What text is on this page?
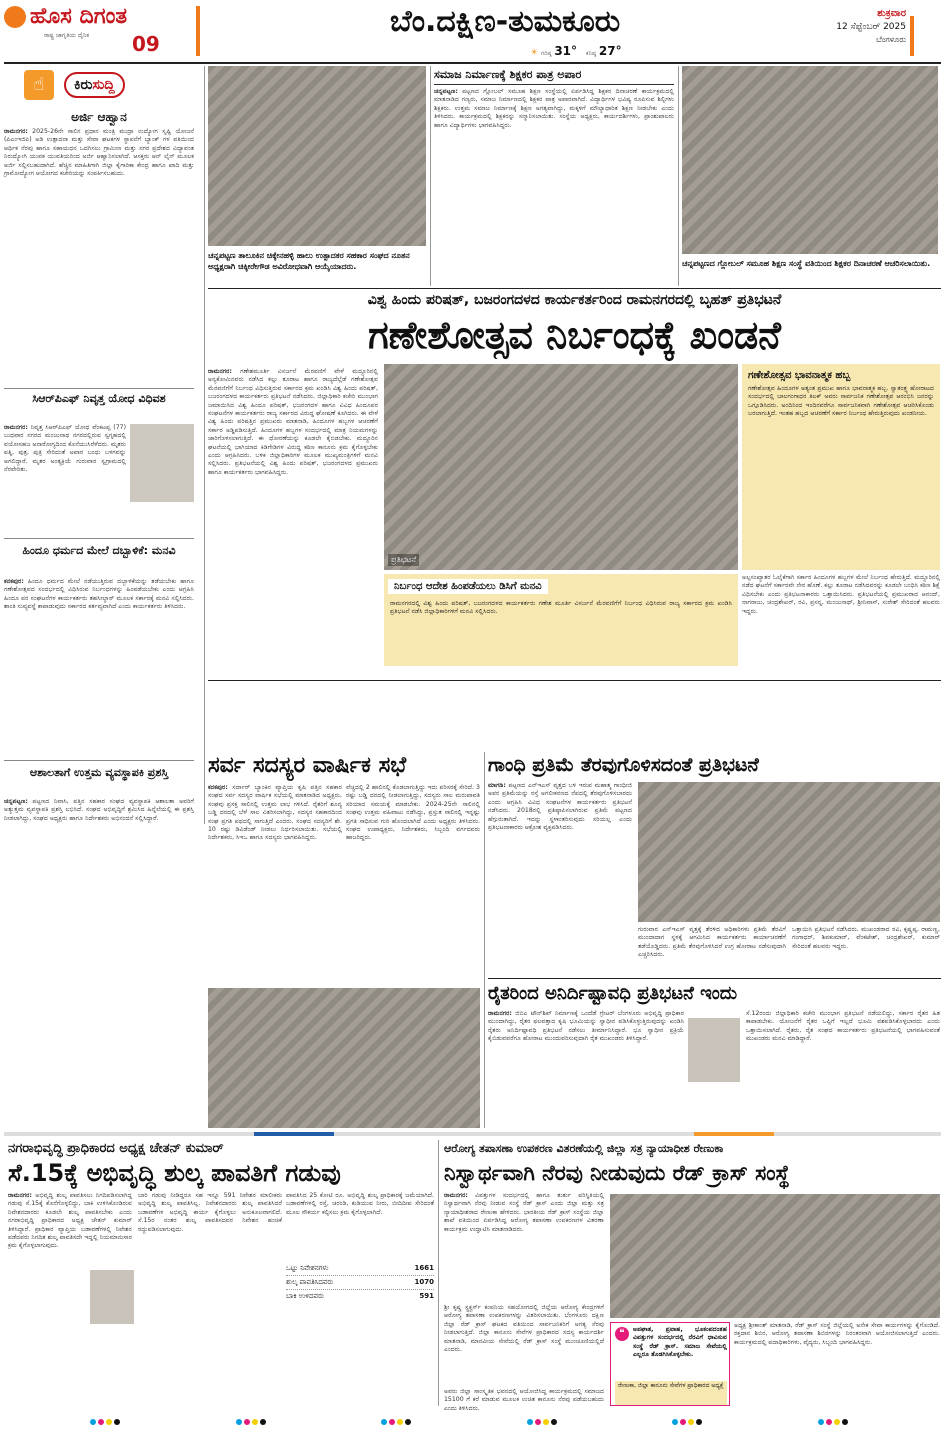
ಹೊಸ ದಿಗಂತ
ರಾಷ್ಟ್ರ ಜಾಗೃತಿಯ ದೈನಿಕ 09
ಬೆಂ.ದಕ್ಷಿಣ-ತುಮಕೂರು
☀ ಗರಿಷ್ಠ 31° ಕನಿಷ್ಠ 27°
ಶುಕ್ರವಾರ
12 ಸೆಪ್ಟೆಂಬರ್ 2025
ಬೆಂಗಳೂರು
☝	ಕಿರುಸುದ್ದಿ
ಅರ್ಜಿ ಆಹ್ವಾನ
ರಾಮನಗರ: 2025-26ನೇ ಸಾಲಿನ ಪ್ರಧಾನ ಮಂತ್ರಿ ಮುದ್ರಾ ಉದ್ಯೋಗ ಸೃಷ್ಟಿ ಯೋಜನೆ (ಪಿಎಂಇಜಿಪಿ) ಅಡಿ ಉತ್ಪಾದನಾ ಮತ್ತು ಸೇವಾ ಘಟಕಗಳ ಸ್ಥಾಪನೆಗೆ ಬ್ಯಾಂಕ್ ಗಳ ವತಿಯಿಂದ ಆರ್ಥಿಕ ನೆರವು ಹಾಗೂ ಸಹಾಯಧನ ಒದಗಿಸಲು ಗ್ರಾಮೀಣ ಮತ್ತು ನಗರ ಪ್ರದೇಶದ ವಿದ್ಯಾವಂತ ನಿರುದ್ಯೋಗಿ ಯುವಕ ಯುವತಿಯರಿಂದ ಅರ್ಜಿ ಆಹ್ವಾನಿಸಲಾಗಿದೆ. ಆಸಕ್ತರು ಆನ್ ಲೈನ್ ಮೂಲಕ ಅರ್ಜಿ ಸಲ್ಲಿಸಬಹುದಾಗಿದೆ. ಹೆಚ್ಚಿನ ಮಾಹಿತಿಗಾಗಿ ಜಿಲ್ಲಾ ಕೈಗಾರಿಕಾ ಕೇಂದ್ರ ಹಾಗೂ ಖಾದಿ ಮತ್ತು ಗ್ರಾಮೋದ್ಯೋಗ ಆಯೋಗದ ಕಚೇರಿಯನ್ನು ಸಂಪರ್ಕಿಸಬಹುದು.
ಸಿಆರ್‌ಪಿಎಫ್ ನಿವೃತ್ತ ಯೋಧ ವಿಧಿವಶ
ರಾಮನಗರ: ನಿವೃತ್ತ ಸಿಆರ್‌ಪಿಎಫ್ ಯೋಧ ವೆಂಕಟಪ್ಪ (77) ಬುಧವಾರ ನಗರದ ಮಂಜುನಾಥ ನಗರದಲ್ಲಿರುವ ಸ್ವಗೃಹದಲ್ಲಿ ವಯೋಸಹಜ ಅನಾರೋಗ್ಯದಿಂದ ಕೊನೆಯುಸಿರೆಳೆದರು. ಮೃತರು ಪತ್ನಿ, ಪುತ್ರ, ಪುತ್ರಿ ಸೇರಿದಂತೆ ಅಪಾರ ಬಂಧು ಬಳಗವನ್ನು ಅಗಲಿದ್ದಾರೆ. ಮೃತರ ಅಂತ್ಯಕ್ರಿಯೆ ಗುರುವಾರ ಸ್ವಗ್ರಾಮದಲ್ಲಿ ನೆರವೇರಿತು.
ಹಿಂದೂ ಧರ್ಮದ ಮೇಲೆ ದಬ್ಬಾಳಿಕೆ: ಮನವಿ
ಕನಕಪುರ: ಹಿಂದೂ ಧರ್ಮದ ಮೇಲೆ ನಡೆಯುತ್ತಿರುವ ದಬ್ಬಾಳಿಕೆಯನ್ನು ತಡೆಯಬೇಕು ಹಾಗೂ ಗಣೇಶೋತ್ಸವದ ಸಂದರ್ಭದಲ್ಲಿ ವಿಧಿಸಿರುವ ನಿರ್ಬಂಧಗಳನ್ನು ಹಿಂಪಡೆಯಬೇಕು ಎಂದು ಆಗ್ರಹಿಸಿ ಹಿಂದೂ ಪರ ಸಂಘಟನೆಗಳ ಕಾರ್ಯಕರ್ತರು ತಹಸೀಲ್ದಾರ್ ಮೂಲಕ ಸರ್ಕಾರಕ್ಕೆ ಮನವಿ ಸಲ್ಲಿಸಿದರು. ಶಾಂತಿ ಸುವ್ಯವಸ್ಥೆ ಕಾಪಾಡುವುದು ಸರ್ಕಾರದ ಕರ್ತವ್ಯವಾಗಿದೆ ಎಂದು ಕಾರ್ಯಕರ್ತರು ತಿಳಿಸಿದರು.
ಆಶಾಲತಾಗೆ ಉತ್ತಮ ವ್ಯವಸ್ಥಾಪಕಿ ಪ್ರಶಸ್ತಿ
ಚನ್ನಪಟ್ಟಣ: ಪಟ್ಟಣದ ನಿವಾಸಿ, ಪತ್ತಿನ ಸಹಕಾರ ಸಂಘದ ವ್ಯವಸ್ಥಾಪಕಿ ಆಶಾಲತಾ ಅವರಿಗೆ ಅತ್ಯುತ್ತಮ ವ್ಯವಸ್ಥಾಪಕಿ ಪ್ರಶಸ್ತಿ ಲಭಿಸಿದೆ. ಸಂಘದ ಅಭಿವೃದ್ಧಿಗೆ ಶ್ರಮಿಸಿದ ಹಿನ್ನೆಲೆಯಲ್ಲಿ ಈ ಪ್ರಶಸ್ತಿ ನೀಡಲಾಗಿದ್ದು, ಸಂಘದ ಅಧ್ಯಕ್ಷರು ಹಾಗೂ ನಿರ್ದೇಶಕರು ಅಭಿನಂದನೆ ಸಲ್ಲಿಸಿದ್ದಾರೆ.
ಚನ್ನಪಟ್ಟಣ ತಾಲೂಕಿನ ಚಿಕ್ಕೇನಹಳ್ಳಿ ಹಾಲು ಉತ್ಪಾದಕರ ಸಹಕಾರ ಸಂಘದ ನೂತನ ಅಧ್ಯಕ್ಷರಾಗಿ ಚಿಕ್ಕೀರೇಗೌಡ ಅವಿರೋಧವಾಗಿ ಆಯ್ಕೆಯಾದರು.
ಸಮಾಜ ನಿರ್ಮಾಣಕ್ಕೆ ಶಿಕ್ಷಕರ ಪಾತ್ರ ಅಪಾರ
ಚನ್ನಪಟ್ಟಣ: ಪಟ್ಟಣದ ಗ್ಲೋಬಲ್ ಸಮೂಹ ಶಿಕ್ಷಣ ಸಂಸ್ಥೆಯಲ್ಲಿ ಏರ್ಪಡಿಸಿದ್ದ ಶಿಕ್ಷಕರ ದಿನಾಚರಣೆ ಕಾರ್ಯಕ್ರಮದಲ್ಲಿ ಮಾತನಾಡಿದ ಗಣ್ಯರು, ಸಮಾಜ ನಿರ್ಮಾಣದಲ್ಲಿ ಶಿಕ್ಷಕರ ಪಾತ್ರ ಅಪಾರವಾಗಿದೆ. ವಿದ್ಯಾರ್ಥಿಗಳ ಭವಿಷ್ಯ ರೂಪಿಸುವ ಶಿಲ್ಪಿಗಳು ಶಿಕ್ಷಕರು. ಉತ್ತಮ ಸಮಾಜ ನಿರ್ಮಾಣಕ್ಕೆ ಶಿಕ್ಷಣ ಅಗತ್ಯವಾಗಿದ್ದು, ಮಕ್ಕಳಿಗೆ ಮೌಲ್ಯಾಧಾರಿತ ಶಿಕ್ಷಣ ನೀಡಬೇಕು ಎಂದು ತಿಳಿಸಿದರು. ಕಾರ್ಯಕ್ರಮದಲ್ಲಿ ಶಿಕ್ಷಕರನ್ನು ಸನ್ಮಾನಿಸಲಾಯಿತು. ಸಂಸ್ಥೆಯ ಅಧ್ಯಕ್ಷರು, ಕಾರ್ಯದರ್ಶಿಗಳು, ಪ್ರಾಂಶುಪಾಲರು ಹಾಗೂ ವಿದ್ಯಾರ್ಥಿಗಳು ಭಾಗವಹಿಸಿದ್ದರು.
ಚನ್ನಪಟ್ಟಣದ ಗ್ಲೋಬಲ್ ಸಮೂಹ ಶಿಕ್ಷಣ ಸಂಸ್ಥೆ ವತಿಯಿಂದ ಶಿಕ್ಷಕರ ದಿನಾಚರಣೆ ಆಚರಿಸಲಾಯಿತು.
ವಿಶ್ವ ಹಿಂದು ಪರಿಷತ್, ಬಜರಂಗದಳದ ಕಾರ್ಯಕರ್ತರಿಂದ ರಾಮನಗರದಲ್ಲಿ ಬೃಹತ್ ಪ್ರತಿಭಟನೆ
ಗಣೇಶೋತ್ಸವ ನಿರ್ಬಂಧಕ್ಕೆ ಖಂಡನೆ
ರಾಮನಗರ: ಗಣೇಶಮೂರ್ತಿ ವಿಸರ್ಜನೆ ಮೆರವಣಿಗೆ ವೇಳೆ ಮದ್ದೂರಿನಲ್ಲಿ ಅನ್ಯಕೋಮಿನವರು ನಡೆಸಿದ ಕಲ್ಲು ತೂರಾಟ ಹಾಗೂ ರಾಜ್ಯದೆಲ್ಲೆಡೆ ಗಣೇಶೋತ್ಸವ ಮೆರವಣಿಗೆಗೆ ನಿರ್ಬಂಧ ವಿಧಿಸುತ್ತಿರುವ ಸರ್ಕಾರದ ಕ್ರಮ ಖಂಡಿಸಿ ವಿಶ್ವ ಹಿಂದು ಪರಿಷತ್, ಬಜರಂಗದಳದ ಕಾರ್ಯಕರ್ತರು ಪ್ರತಿಭಟನೆ ನಡೆಸಿದರು. ಜಿಲ್ಲಾಧಿಕಾರಿ ಕಚೇರಿ ಮುಂಭಾಗ ಜಮಾಯಿಸಿದ ವಿಶ್ವ ಹಿಂದೂ ಪರಿಷತ್, ಭಜರಂಗದಳ ಹಾಗೂ ವಿವಿಧ ಹಿಂದೂಪರ ಸಂಘಟನೆಗಳ ಕಾರ್ಯಕರ್ತರು ರಾಜ್ಯ ಸರ್ಕಾರದ ವಿರುದ್ಧ ಘೋಷಣೆ ಕೂಗಿದರು. ಈ ವೇಳೆ ವಿಶ್ವ ಹಿಂದು ಪರಿಷತ್ತಿನ ಪ್ರಮುಖರು ಮಾತನಾಡಿ, ಹಿಂದೂಗಳ ಹಬ್ಬಗಳ ಆಚರಣೆಗೆ ಸರ್ಕಾರ ಅಡ್ಡಿಪಡಿಸುತ್ತಿದೆ. ಹಿಂದೂಗಳ ಹಬ್ಬಗಳ ಸಂದರ್ಭದಲ್ಲಿ ಮಾತ್ರ ನಿಯಮಗಳನ್ನು ಜಾರಿಗೊಳಿಸಲಾಗುತ್ತಿದೆ. ಈ ಧೋರಣೆಯನ್ನು ಕೂಡಲೇ ಕೈಬಿಡಬೇಕು. ಮದ್ದೂರಿನ ಘಟನೆಯಲ್ಲಿ ಭಾಗಿಯಾದ ಕಿಡಿಗೇಡಿಗಳ ವಿರುದ್ಧ ಕಠಿಣ ಕಾನೂನು ಕ್ರಮ ಕೈಗೊಳ್ಳಬೇಕು ಎಂದು ಆಗ್ರಹಿಸಿದರು. ಬಳಿಕ ಜಿಲ್ಲಾಧಿಕಾರಿಗಳ ಮೂಲಕ ಮುಖ್ಯಮಂತ್ರಿಗಳಿಗೆ ಮನವಿ ಸಲ್ಲಿಸಿದರು. ಪ್ರತಿಭಟನೆಯಲ್ಲಿ ವಿಶ್ವ ಹಿಂದು ಪರಿಷತ್, ಭಜರಂಗದಳದ ಪ್ರಮುಖರು ಹಾಗೂ ಕಾರ್ಯಕರ್ತರು ಭಾಗವಹಿಸಿದ್ದರು.
ಪ್ರತಿಭಟನೆ
ಗಣೇಶೋತ್ಸವ ಭಾವನಾತ್ಮಕ ಹಬ್ಬ
ಗಣೇಶೋತ್ಸವ ಹಿಂದೂಗಳ ಅತ್ಯಂತ ಪ್ರಮುಖ ಹಾಗೂ ಭಾವನಾತ್ಮಕ ಹಬ್ಬ. ಸ್ವಾತಂತ್ರ್ಯ ಹೋರಾಟದ ಸಂದರ್ಭದಲ್ಲಿ ಬಾಲಗಂಗಾಧರ ತಿಲಕ್ ಅವರು ಸಾರ್ವಜನಿಕ ಗಣೇಶೋತ್ಸವ ಆರಂಭಿಸಿ ಜನರನ್ನು ಒಗ್ಗೂಡಿಸಿದರು. ಅಂದಿನಿಂದ ಇಂದಿನವರೆಗೂ ಸಾರ್ವಜನಿಕವಾಗಿ ಗಣೇಶೋತ್ಸವ ಆಚರಿಸಿಕೊಂಡು ಬರಲಾಗುತ್ತಿದೆ. ಇಂತಹ ಹಬ್ಬದ ಆಚರಣೆಗೆ ಸರ್ಕಾರ ನಿರ್ಬಂಧ ಹೇರುತ್ತಿರುವುದು ಖಂಡನೀಯ.
ನಿರ್ಬಂಧ ಆದೇಶ ಹಿಂಪಡೆಯಲು ಡಿಸಿಗೆ ಮನವಿ
ರಾಮನಗರದಲ್ಲಿ ವಿಶ್ವ ಹಿಂದು ಪರಿಷತ್, ಬಜರಂಗದಳದ ಕಾರ್ಯಕರ್ತರು ಗಣೇಶ ಮೂರ್ತಿ ವಿಸರ್ಜನೆ ಮೆರವಣಿಗೆಗೆ ನಿರ್ಬಂಧ ವಿಧಿಸಿರುವ ರಾಜ್ಯ ಸರ್ಕಾರದ ಕ್ರಮ ಖಂಡಿಸಿ ಪ್ರತಿಭಟನೆ ನಡೆಸಿ ಜಿಲ್ಲಾಧಿಕಾರಿಗಳಿಗೆ ಮನವಿ ಸಲ್ಲಿಸಿದರು.
ಅಲ್ಪಸಂಖ್ಯಾತರ ಓಲೈಕೆಗಾಗಿ ಸರ್ಕಾರ ಹಿಂದೂಗಳ ಹಬ್ಬಗಳ ಮೇಲೆ ನಿರ್ಬಂಧ ಹೇರುತ್ತಿದೆ. ಮದ್ದೂರಿನಲ್ಲಿ ನಡೆದ ಘಟನೆಗೆ ಸರ್ಕಾರವೇ ನೇರ ಹೊಣೆ. ಕಲ್ಲು ತೂರಾಟ ನಡೆಸಿದವರನ್ನು ಕೂಡಲೇ ಬಂಧಿಸಿ ಕಠಿಣ ಶಿಕ್ಷೆ ವಿಧಿಸಬೇಕು ಎಂದು ಪ್ರತಿಭಟನಾಕಾರರು ಒತ್ತಾಯಿಸಿದರು. ಪ್ರತಿಭಟನೆಯಲ್ಲಿ ಪ್ರಮುಖರಾದ ಆನಂದ್, ನಾಗರಾಜು, ಚಂದ್ರಶೇಖರ್, ರವಿ, ಪ್ರಸನ್ನ, ಮಂಜುನಾಥ್, ಶ್ರೀನಿವಾಸ್, ಸುರೇಶ್ ಸೇರಿದಂತೆ ಹಲವರು ಇದ್ದರು.
ಸರ್ವ ಸದಸ್ಯರ ವಾರ್ಷಿಕ ಸಭೆ
ಕನಕಪುರ: ಸರ್ದಾರ್ ಬ್ಯಾಂಕಿನ ವ್ಯಾಪ್ತಿಯ ಕೃಷಿ ಪತ್ತಿನ ಸಹಕಾರ ಸಂಘದ ಸರ್ವ ಸದಸ್ಯರ ವಾರ್ಷಿಕ ಸಭೆಯಲ್ಲಿ ಮಾತನಾಡಿದ ಅಧ್ಯಕ್ಷರು, ಸಂಘವು ಪ್ರಸಕ್ತ ಸಾಲಿನಲ್ಲಿ ಉತ್ತಮ ಲಾಭ ಗಳಿಸಿದೆ. ರೈತರಿಗೆ ಶೂನ್ಯ ಬಡ್ಡಿ ದರದಲ್ಲಿ ಬೆಳೆ ಸಾಲ ವಿತರಿಸಲಾಗಿದ್ದು, ಸದಸ್ಯರ ಸಹಕಾರದಿಂದ ಸಂಘ ಪ್ರಗತಿ ಪಥದಲ್ಲಿ ಸಾಗುತ್ತಿದೆ ಎಂದರು. ಸಂಘದ ಸದಸ್ಯರಿಗೆ ಶೇ. 10 ರಷ್ಟು ಡಿವಿಡೆಂಡ್ ನೀಡಲು ನಿರ್ಧರಿಸಲಾಯಿತು. ಸಭೆಯಲ್ಲಿ ನಿರ್ದೇಶಕರು, ಸಿಇಒ ಹಾಗೂ ಸದಸ್ಯರು ಭಾಗವಹಿಸಿದ್ದರು.
ವೆಚ್ಚದಲ್ಲಿ 2 ಹಾಲಿನಲ್ಲಿ ಕೊಡಲಾಗುತ್ತಿದ್ದು ಇದು ಪರಿಸರಕ್ಕೆ ಸೇರಿದೆ. 3 ರಷ್ಟು ಬಡ್ಡಿ ದರದಲ್ಲಿ ನೀಡಲಾಗುತ್ತಿದ್ದು, ಸದಸ್ಯರು ಸಾಲ ಮರುಪಾವತಿ ಸರಿಯಾದ ಸಮಯಕ್ಕೆ ಮಾಡಬೇಕು. 2024-25ನೇ ಸಾಲಿನಲ್ಲಿ ಸಂಘವು ಉತ್ತಮ ವಹಿವಾಟು ನಡೆಸಿದ್ದು, ಪ್ರಸ್ತುತ ಸಾಲಿನಲ್ಲಿ ಇನ್ನಷ್ಟು ಪ್ರಗತಿ ಸಾಧಿಸುವ ಗುರಿ ಹೊಂದಲಾಗಿದೆ ಎಂದು ಅಧ್ಯಕ್ಷರು ತಿಳಿಸಿದರು. ಸಂಘದ ಉಪಾಧ್ಯಕ್ಷರು, ನಿರ್ದೇಶಕರು, ಸಿಬ್ಬಂದಿ ವರ್ಗದವರು ಹಾಜರಿದ್ದರು.
ಗಾಂಧಿ ಪ್ರತಿಮೆ ತೆರವುಗೊಳಿಸದಂತೆ ಪ್ರತಿಭಟನೆ
ಮಾಗಡಿ: ಪಟ್ಟಣದ ಎನ್‌ಇಎಸ್ ವೃತ್ತದ ಬಳಿ ಇರುವ ಮಹಾತ್ಮ ಗಾಂಧೀಜಿ ಅವರ ಪ್ರತಿಮೆಯನ್ನು ರಸ್ತೆ ಅಗಲೀಕರಣದ ನೆಪದಲ್ಲಿ ತೆರವುಗೊಳಿಸಬಾರದು ಎಂದು ಆಗ್ರಹಿಸಿ ವಿವಿಧ ಸಂಘಟನೆಗಳ ಕಾರ್ಯಕರ್ತರು ಪ್ರತಿಭಟನೆ ನಡೆಸಿದರು. 2018ರಲ್ಲಿ ಪ್ರತಿಷ್ಠಾಪಿಸಲಾಗಿರುವ ಪ್ರತಿಮೆ ಪಟ್ಟಣದ ಹೆಗ್ಗುರುತಾಗಿದೆ. ಇದನ್ನು ಸ್ಥಳಾಂತರಿಸುವುದು ಸರಿಯಲ್ಲ ಎಂದು ಪ್ರತಿಭಟನಾಕಾರರು ಆಕ್ರೋಶ ವ್ಯಕ್ತಪಡಿಸಿದರು.
ಗುರುವಾರ ಎನ್‌ಇಎಸ್ ವೃತ್ತಕ್ಕೆ ತೆರಳಿದ ಅಧಿಕಾರಿಗಳು ಪ್ರತಿಮೆ ತೆರವಿಗೆ ಮುಂದಾದಾಗ ಸ್ಥಳಕ್ಕೆ ಆಗಮಿಸಿದ ಕಾರ್ಯಕರ್ತರು ಕಾರ್ಯಾಚರಣೆಗೆ ತಡೆಯೊಡ್ಡಿದರು. ಪ್ರತಿಮೆ ತೆರವುಗೊಳಿಸಿದರೆ ಉಗ್ರ ಹೋರಾಟ ನಡೆಸುವುದಾಗಿ ಎಚ್ಚರಿಸಿದರು.
ಒತ್ತಾಯಿಸಿ ಪ್ರತಿಭಟನೆ ನಡೆಸಿದರು. ಮುಖಂಡರಾದ ರವಿ, ಕೃಷ್ಣಪ್ಪ, ರಾಮಣ್ಣ, ಗಂಗಾಧರ್, ಶಿವಕುಮಾರ್, ವೆಂಕಟೇಶ್, ಚಂದ್ರಶೇಖರ್, ಕುಮಾರ್ ಸೇರಿದಂತೆ ಹಲವರು ಇದ್ದರು.
ರೈತರಿಂದ ಅನಿರ್ದಿಷ್ಟಾವಧಿ ಪ್ರತಿಭಟನೆ ಇಂದು
ರಾಮನಗರ: ಜಿಬಿಎ ಟೌನ್‌ಶಿಪ್ ನಿರ್ಮಾಣಕ್ಕೆ ಒಂದೆಡೆ ಗ್ರೇಟರ್ ಬೆಂಗಳೂರು ಅಭಿವೃದ್ಧಿ ಪ್ರಾಧಿಕಾರ ಮುಂದಾಗಿದ್ದು, ರೈತರ ಫಲವತ್ತಾದ ಕೃಷಿ ಭೂಮಿಯನ್ನು ಸ್ವಾಧೀನ ಪಡಿಸಿಕೊಳ್ಳುತ್ತಿರುವುದನ್ನು ಖಂಡಿಸಿ ರೈತರು ಅನಿರ್ದಿಷ್ಟಾವಧಿ ಪ್ರತಿಭಟನೆ ನಡೆಸಲು ತೀರ್ಮಾನಿಸಿದ್ದಾರೆ. ಭೂ ಸ್ವಾಧೀನ ಪ್ರಕ್ರಿಯೆ ಕೈಬಿಡುವವರೆಗೂ ಹೋರಾಟ ಮುಂದುವರಿಸುವುದಾಗಿ ರೈತ ಮುಖಂಡರು ತಿಳಿಸಿದ್ದಾರೆ.
ಸೆ.12ರಂದು ಜಿಲ್ಲಾಧಿಕಾರಿ ಕಚೇರಿ ಮುಂಭಾಗ ಪ್ರತಿಭಟನೆ ನಡೆಯಲಿದ್ದು, ಸರ್ಕಾರ ರೈತರ ಹಿತ ಕಾಪಾಡಬೇಕು. ಯೋಜನೆಗೆ ರೈತರ ಒಪ್ಪಿಗೆ ಇಲ್ಲದೆ ಭೂಮಿ ವಶಪಡಿಸಿಕೊಳ್ಳಬಾರದು ಎಂದು ಒತ್ತಾಯಿಸಲಾಗಿದೆ. ರೈತರು, ರೈತ ಸಂಘದ ಕಾರ್ಯಕರ್ತರು ಪ್ರತಿಭಟನೆಯಲ್ಲಿ ಭಾಗವಹಿಸುವಂತೆ ಮುಖಂಡರು ಮನವಿ ಮಾಡಿದ್ದಾರೆ.
ನಗರಾಭಿವೃದ್ಧಿ ಪ್ರಾಧಿಕಾರದ ಅಧ್ಯಕ್ಷ ಚೇತನ್ ಕುಮಾರ್
ಸೆ.15ಕ್ಕೆ ಅಭಿವೃದ್ಧಿ ಶುಲ್ಕ ಪಾವತಿಗೆ ಗಡುವು
ರಾಮನಗರ: ಅಭಿವೃದ್ಧಿ ಶುಲ್ಕ ಪಾವತಿಸಲು ನಿಗದಿಪಡಿಸಲಾಗಿದ್ದ ಗಡುವು ಸೆ.15ಕ್ಕೆ ಕೊನೆಗೊಳ್ಳಲಿದ್ದು, ಬಾಕಿ ಉಳಿಸಿಕೊಂಡಿರುವ ನಿವೇಶನದಾರರು ಕೂಡಲೇ ಶುಲ್ಕ ಪಾವತಿಸಬೇಕು ಎಂದು ನಗರಾಭಿವೃದ್ಧಿ ಪ್ರಾಧಿಕಾರದ ಅಧ್ಯಕ್ಷ ಚೇತನ್ ಕುಮಾರ್ ತಿಳಿಸಿದ್ದಾರೆ. ಪ್ರಾಧಿಕಾರ ವ್ಯಾಪ್ತಿಯ ಬಡಾವಣೆಗಳಲ್ಲಿ ನಿವೇಶನ ಪಡೆದವರು ನಿಗದಿತ ಶುಲ್ಕ ಪಾವತಿಸದೇ ಇದ್ದಲ್ಲಿ ನಿಯಮಾನುಸಾರ ಕ್ರಮ ಕೈಗೊಳ್ಳಲಾಗುವುದು.
ಬಾರಿ ಗಡುವು ನೀಡಿದ್ದರೂ ಸಹ ಇನ್ನೂ 591 ನಿವೇಶನ ಮಾಲೀಕರು ಅಭಿವೃದ್ಧಿ ಶುಲ್ಕ ಪಾವತಿಸಿಲ್ಲ. ನಿವೇಶನದಾರರು ಶುಲ್ಕ ಪಾವತಿಸಿದರೆ ಬಡಾವಣೆಗಳ ಅಭಿವೃದ್ಧಿ ಕಾರ್ಯ ಕೈಗೊಳ್ಳಲು ಅನುಕೂಲವಾಗಲಿದೆ. ಸೆ.15ರ ನಂತರ ಶುಲ್ಕ ಪಾವತಿಸದವರ ನಿವೇಶನ ಹಂಚಿಕೆ ರದ್ದುಪಡಿಸಲಾಗುವುದು.
ಪಾವತಿಸಿದ 25 ಕೋಟಿ ರೂ. ಅಭಿವೃದ್ಧಿ ಶುಲ್ಕ ಪ್ರಾಧಿಕಾರಕ್ಕೆ ಜಮೆಯಾಗಿದೆ. ಬಡಾವಣೆಗಳಲ್ಲಿ ರಸ್ತೆ, ಚರಂಡಿ, ಕುಡಿಯುವ ನೀರು, ಬೀದಿದೀಪ ಸೇರಿದಂತೆ ಮೂಲ ಸೌಕರ್ಯ ಕಲ್ಪಿಸಲು ಕ್ರಮ ಕೈಗೊಳ್ಳಲಾಗಿದೆ.
ಒಟ್ಟು ನಿವೇಶನಗಳು	1661
ಶುಲ್ಕ ಪಾವತಿಸಿದವರು	1070
ಬಾಕಿ ಉಳಿದವರು	591
ಆರೋಗ್ಯ ತಪಾಸಣಾ ಉಪಕರಣ ವಿತರಣೆಯಲ್ಲಿ ಜಿಲ್ಲಾ ಸತ್ರ ನ್ಯಾಯಾಧೀಶ ರೇಣುಕಾ
ನಿಸ್ವಾರ್ಥವಾಗಿ ನೆರವು ನೀಡುವುದು ರೆಡ್ ಕ್ರಾಸ್ ಸಂಸ್ಥೆ
ರಾಮನಗರ: ವಿಪತ್ತುಗಳ ಸಂದರ್ಭದಲ್ಲಿ ಹಾಗೂ ತುರ್ತು ಪರಿಸ್ಥಿತಿಯಲ್ಲಿ ನಿಸ್ವಾರ್ಥವಾಗಿ ನೆರವು ನೀಡುವ ಸಂಸ್ಥೆ ರೆಡ್ ಕ್ರಾಸ್ ಎಂದು ಜಿಲ್ಲಾ ಮತ್ತು ಸತ್ರ ನ್ಯಾಯಾಧೀಶರಾದ ರೇಣುಕಾ ಹೇಳಿದರು. ಭಾರತೀಯ ರೆಡ್ ಕ್ರಾಸ್ ಸಂಸ್ಥೆಯ ಜಿಲ್ಲಾ ಶಾಖೆ ವತಿಯಿಂದ ಏರ್ಪಡಿಸಿದ್ದ ಆರೋಗ್ಯ ತಪಾಸಣಾ ಉಪಕರಣಗಳ ವಿತರಣಾ ಕಾರ್ಯಕ್ರಮ ಉದ್ಘಾಟಿಸಿ ಮಾತನಾಡಿದರು.
ಶ್ರೀ ಕೃಷ್ಣ ಸ್ಟ್ರಕ್ಚರ್ಸ್ ಕಂಪನಿಯ ಸಹಯೋಗದಲ್ಲಿ ಜಿಲ್ಲೆಯ ಆರೋಗ್ಯ ಕೇಂದ್ರಗಳಿಗೆ ಆರೋಗ್ಯ ತಪಾಸಣಾ ಉಪಕರಣಗಳನ್ನು ವಿತರಿಸಲಾಯಿತು. ಬೆಂಗಳೂರು ದಕ್ಷಿಣ ಜಿಲ್ಲಾ ರೆಡ್ ಕ್ರಾಸ್ ಘಟಕದ ವತಿಯಿಂದ ಸಾರ್ವಜನಿಕರಿಗೆ ಅಗತ್ಯ ನೆರವು ನೀಡಲಾಗುತ್ತಿದೆ. ಜಿಲ್ಲಾ ಕಾನೂನು ಸೇವೆಗಳ ಪ್ರಾಧಿಕಾರದ ಸದಸ್ಯ ಕಾರ್ಯದರ್ಶಿ ಮಾತನಾಡಿ, ಮಾನವೀಯ ಸೇವೆಯಲ್ಲಿ ರೆಡ್ ಕ್ರಾಸ್ ಸಂಸ್ಥೆ ಮುಂಚೂಣಿಯಲ್ಲಿದೆ ಎಂದರು.
ಅವರು ಜಿಲ್ಲಾ ಸಾಂಸ್ಕೃತಿಕ ಭವನದಲ್ಲಿ ಆಯೋಜಿಸಿದ್ದ ಕಾರ್ಯಕ್ರಮದಲ್ಲಿ ಸಮಾಜದ 15100 ಗೆ ಕರೆ ಮಾಡುವ ಮೂಲಕ ಉಚಿತ ಕಾನೂನು ನೆರವು ಪಡೆಯಬಹುದು ಎಂದು ತಿಳಿಸಿದರು.
❝	ಅಪಘಾತ, ಪ್ರವಾಹ, ಭೂಕಂಪದಂತಹ ವಿಪತ್ತುಗಳ ಸಂದರ್ಭದಲ್ಲಿ ನೆರವಿಗೆ ಧಾವಿಸುವ ಸಂಸ್ಥೆ ರೆಡ್ ಕ್ರಾಸ್. ಸಮಾಜ ಸೇವೆಯಲ್ಲಿ ಎಲ್ಲರೂ ತೊಡಗಿಸಿಕೊಳ್ಳಬೇಕು.
ರೇಣುಕಾ, ಜಿಲ್ಲಾ ಕಾನೂನು ಸೇವೆಗಳ ಪ್ರಾಧಿಕಾರದ ಅಧ್ಯಕ್ಷೆ
ಅಧ್ಯಕ್ಷ ಶ್ರೀಕಾಂತ್ ಮಾತನಾಡಿ, ರೆಡ್ ಕ್ರಾಸ್ ಸಂಸ್ಥೆ ಜಿಲ್ಲೆಯಲ್ಲಿ ಅನೇಕ ಸೇವಾ ಕಾರ್ಯಗಳನ್ನು ಕೈಗೊಂಡಿದೆ. ರಕ್ತದಾನ ಶಿಬಿರ, ಆರೋಗ್ಯ ತಪಾಸಣಾ ಶಿಬಿರಗಳನ್ನು ನಿರಂತರವಾಗಿ ಆಯೋಜಿಸಲಾಗುತ್ತಿದೆ ಎಂದರು. ಕಾರ್ಯಕ್ರಮದಲ್ಲಿ ಪದಾಧಿಕಾರಿಗಳು, ವೈದ್ಯರು, ಸಿಬ್ಬಂದಿ ಭಾಗವಹಿಸಿದ್ದರು.
